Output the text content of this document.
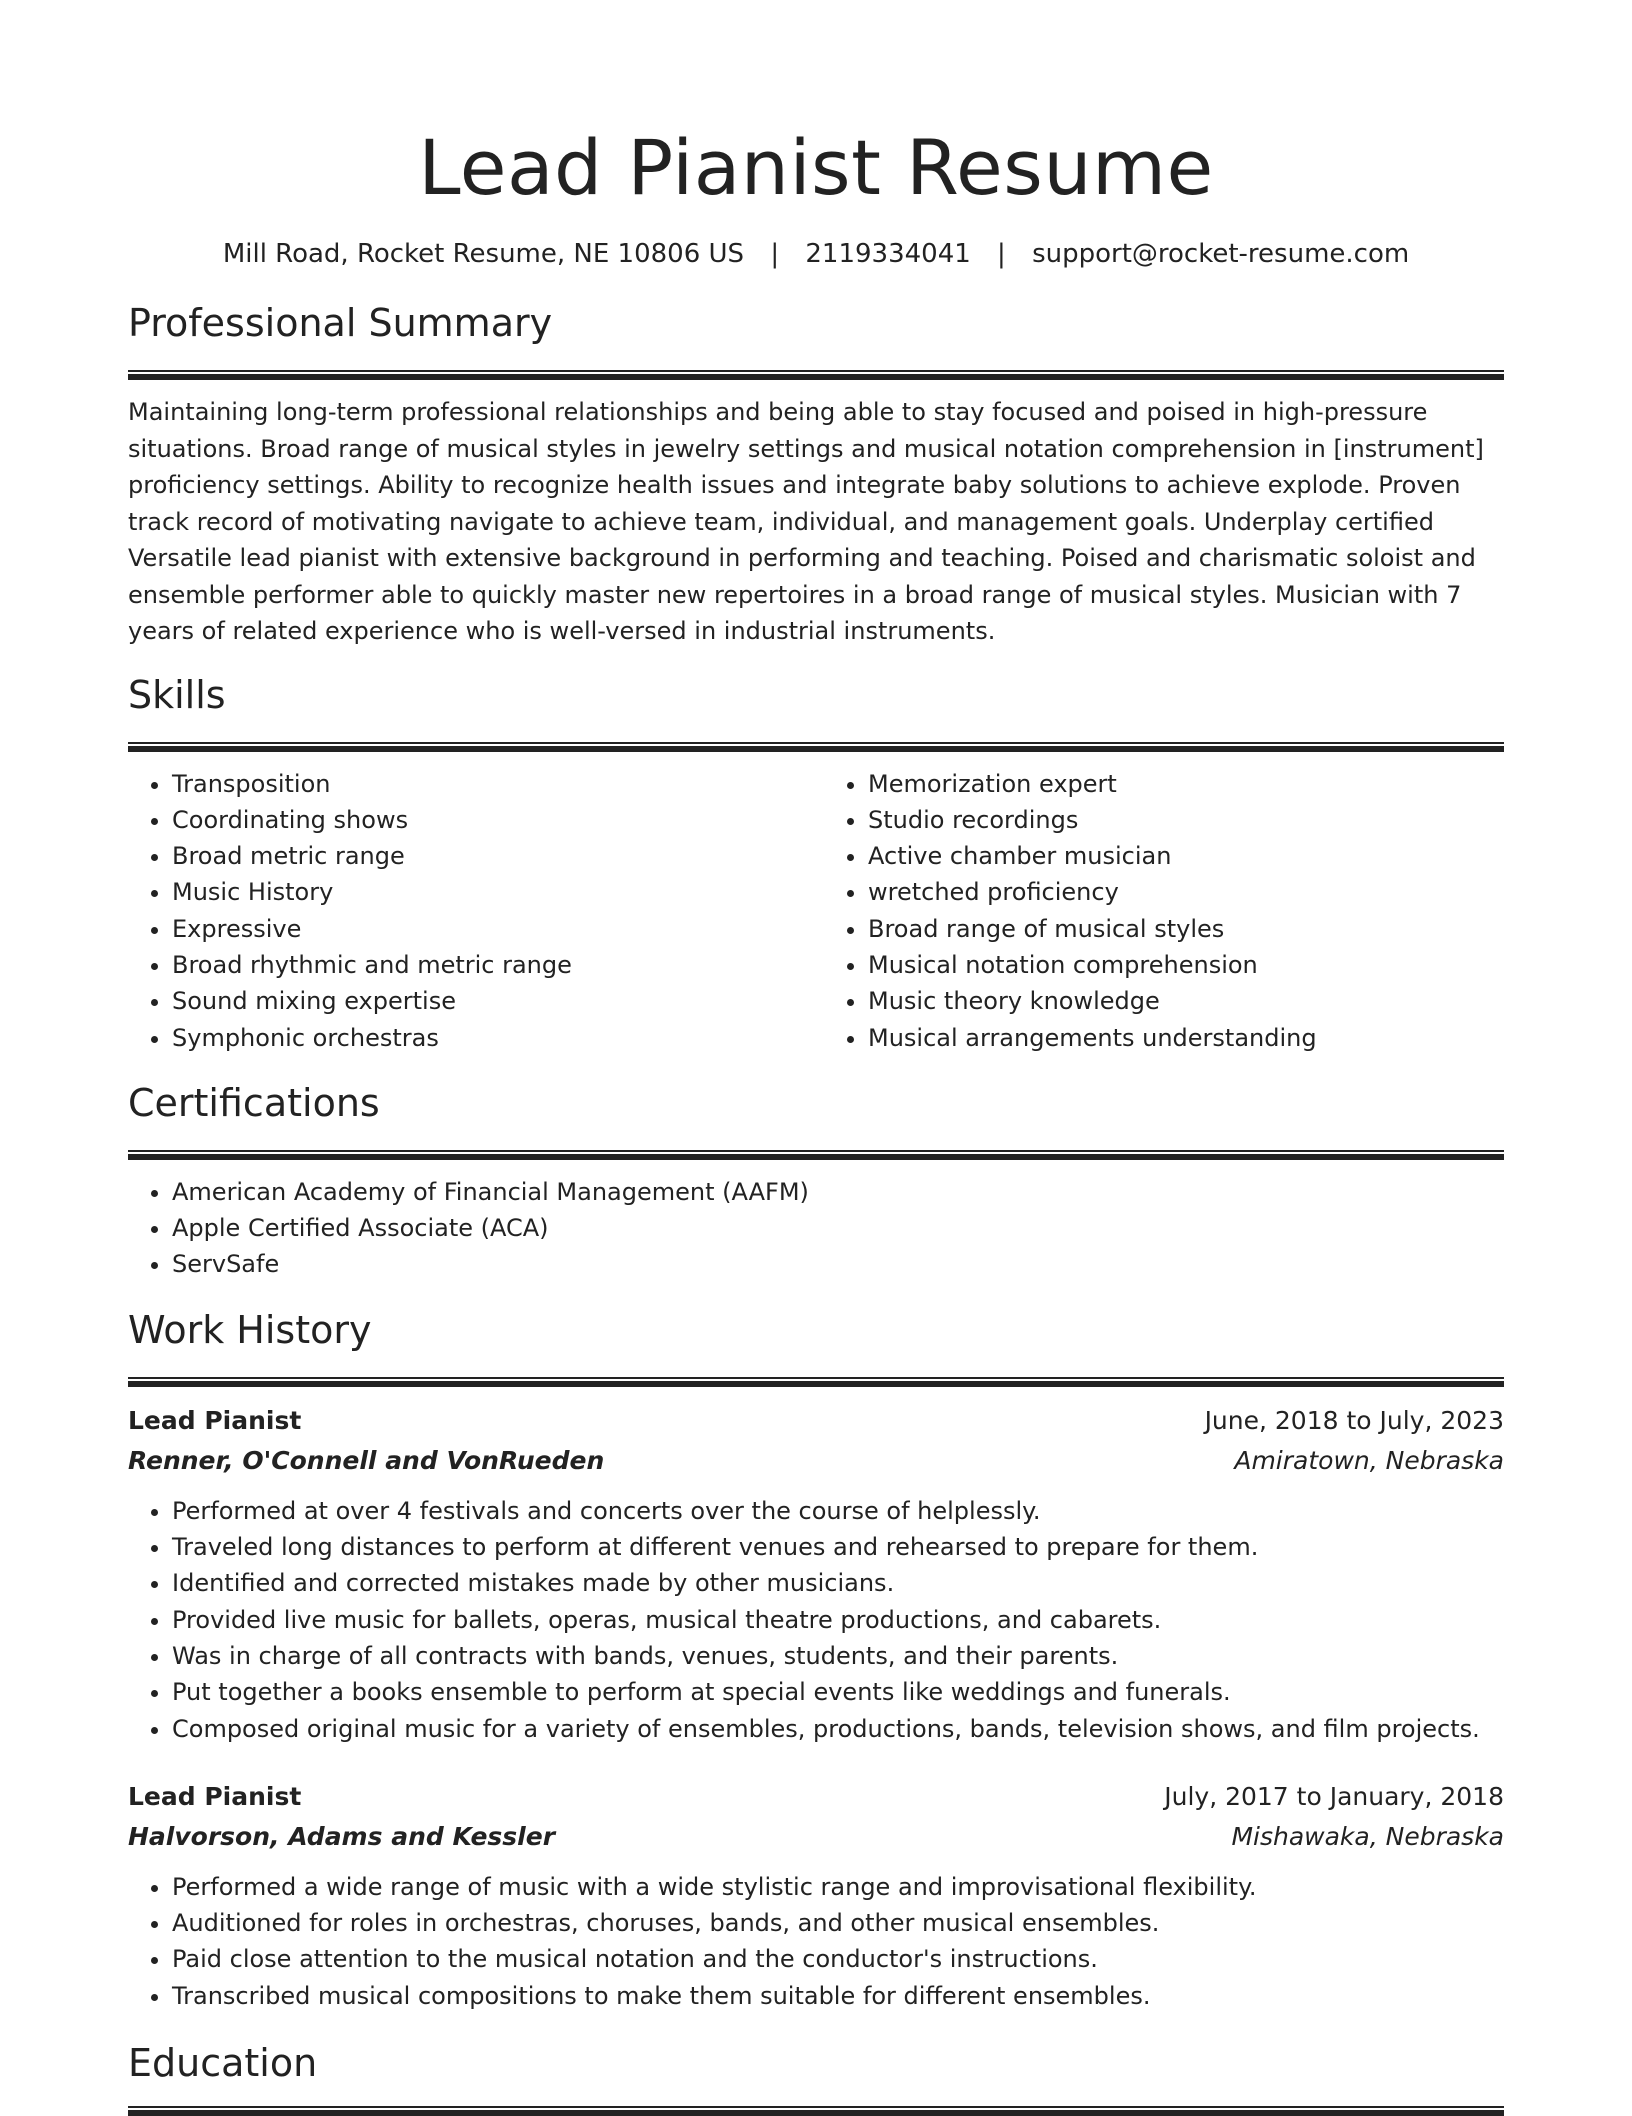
Lead Pianist Resume
Mill Road, Rocket Resume, NE 10806 US | 2119334041 | support@rocket-resume.com
Professional Summary

Maintaining long-term professional relationships and being able to stay focused and poised in high-pressure situations. Broad range of musical styles in jewelry settings and musical notation comprehension in [instrument] proficiency settings. Ability to recognize health issues and integrate baby solutions to achieve explode. Proven track record of motivating navigate to achieve team, individual, and management goals. Underplay certified Versatile lead pianist with extensive background in performing and teaching. Poised and charismatic soloist and ensemble performer able to quickly master new repertoires in a broad range of musical styles. Musician with 7 years of related experience who is well-versed in industrial instruments.

Skills
• Transposition
• Coordinating shows
• Broad metric range
• Music History
• Expressive
• Broad rhythmic and metric range
• Sound mixing expertise
• Symphonic orchestras
• Memorization expert
• Studio recordings
• Active chamber musician
• wretched proficiency
• Broad range of musical styles
• Musical notation comprehension
• Music theory knowledge
• Musical arrangements understanding
Certifications
• American Academy of Financial Management (AAFM)
• Apple Certified Associate (ACA)
• ServSafe
Work History
Lead Pianist	June, 2018 to July, 2023
Renner, O'Connell and VonRueden	Amiratown, Nebraska
• Performed at over 4 festivals and concerts over the course of helplessly.
• Traveled long distances to perform at different venues and rehearsed to prepare for them.
• Identified and corrected mistakes made by other musicians.
• Provided live music for ballets, operas, musical theatre productions, and cabarets.
• Was in charge of all contracts with bands, venues, students, and their parents.
• Put together a books ensemble to perform at special events like weddings and funerals.
• Composed original music for a variety of ensembles, productions, bands, television shows, and film projects.
Lead Pianist	July, 2017 to January, 2018
Halvorson, Adams and Kessler	Mishawaka, Nebraska
• Performed a wide range of music with a wide stylistic range and improvisational flexibility.
• Auditioned for roles in orchestras, choruses, bands, and other musical ensembles.
• Paid close attention to the musical notation and the conductor's instructions.
• Transcribed musical compositions to make them suitable for different ensembles.
Education
